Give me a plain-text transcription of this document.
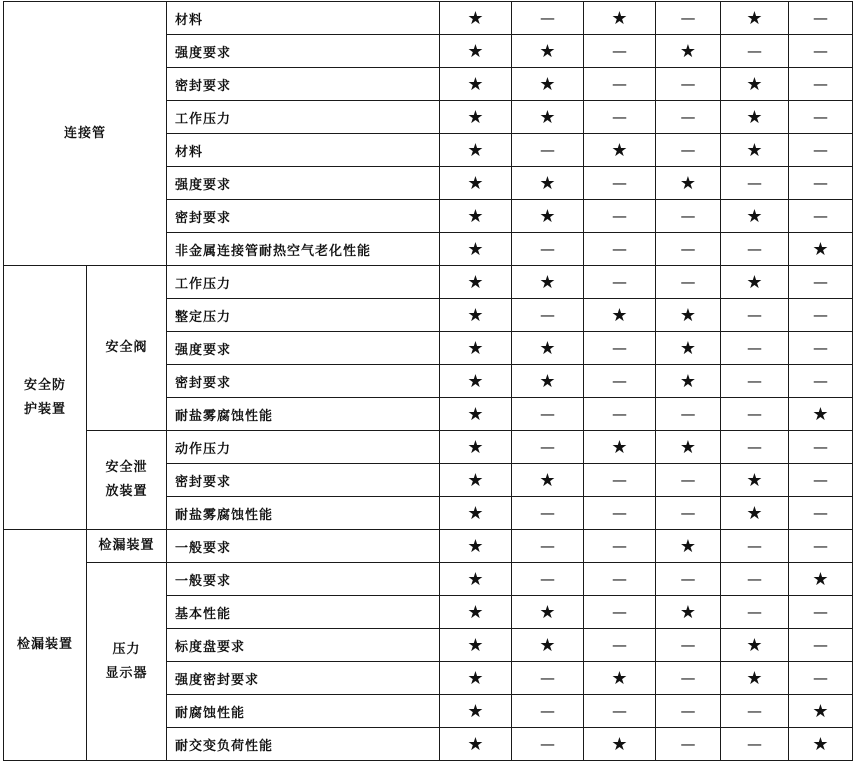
连接管		材料	★	—	★	—	★	—
		强度要求	★	★	—	★	—	—
		密封要求	★	★	—	—	★	—
		工作压力	★	★	—	—	★	—
		材料	★	—	★	—	★	—
		强度要求	★	★	—	★	—	—
		密封要求	★	★	—	—	★	—
		非金属连接管耐热空气老化性能	★	—	—	—	—	★
安全防
护装置	安全阀	工作压力	★	★	—	—	★	—
		整定压力	★	—	★	★	—	—
		强度要求	★	★	—	★	—	—
		密封要求	★	★	—	★	—	—
		耐盐雾腐蚀性能	★	—	—	—	—	★
	安全泄
放装置	动作压力	★	—	★	★	—	—
		密封要求	★	★	—	—	★	—
		耐盐雾腐蚀性能	★	—	—	—	★	—
检漏装置	检漏装置	一般要求	★	—	—	★	—	—
	压力
显示器	一般要求	★	—	—	—	—	★
		基本性能	★	★	—	★	—	—
		标度盘要求	★	★	—	—	★	—
		强度密封要求	★	—	★	—	★	—
		耐腐蚀性能	★	—	—	—	—	★
		耐交变负荷性能	★	—	★	—	—	★
